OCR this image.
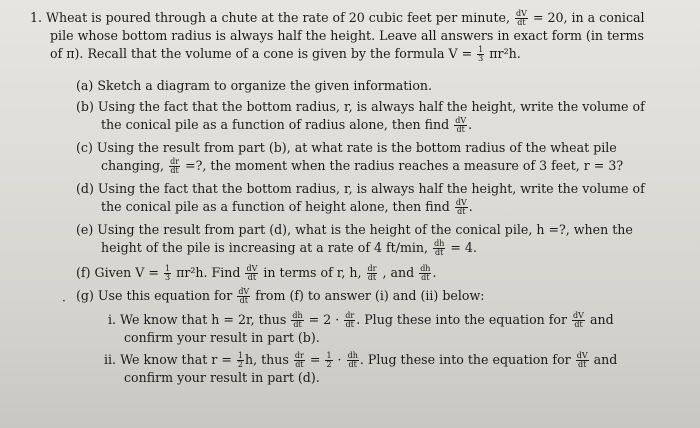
1. Wheat is poured through a chute at the rate of 20 cubic feet per minute, $\frac{dV}{dt} = 20$, in a conical
pile whose bottom radius is always half the height. Leave all answers in exact form (in terms
of π). Recall that the volume of a cone is given by the formula $V = \frac{1}{3} \pi r^2h$.
(a) Sketch a diagram to organize the given information.
(b) Using the fact that the bottom radius, r, is always half the height, write the volume of
the conical pile as a function of radius alone, then find $\frac{dV}{dt}$ .
(c) Using the result from part (b), at what rate is the bottom radius of the wheat pile
changing, $\frac{dr}{dt}$ =?, the moment when the radius reaches a measure of 3 feet, r = 3?
(d) Using the fact that the bottom radius, r, is always half the height, write the volume of
the conical pile as a function of height alone, then find $\frac{dV}{dt}$ .
(e) Using the result from part (d), what is the height of the conical pile, h =?, when the
height of the pile is increasing at a rate of 4 ft/min, $\frac{dh}{dt} = 4$.
(f) Given $V = \frac{1}{3} \pi r^2h$. Find $\frac{dV}{dt}$ in terms of r, h, $\frac{dr}{dt}$ , and $\frac{dh}{dt}$ .
· (g) Use this equation for $\frac{dV}{dt}$ from (f) to answer (i) and (ii) below:
i. We know that h = 2r, thus $\frac{dh}{dt} = 2 \cdot \frac{dr}{dt}$ . Plug these into the equation for $\frac{dV}{dt}$ and
confirm your result in part (b).
ii. We know that $r = \frac{1}{2} h$, thus $\frac{dr}{dt} = \frac{1}{2} \cdot \frac{dh}{dt}$ . Plug these into the equation for $\frac{dV}{dt}$ and
confirm your result in part (d).
